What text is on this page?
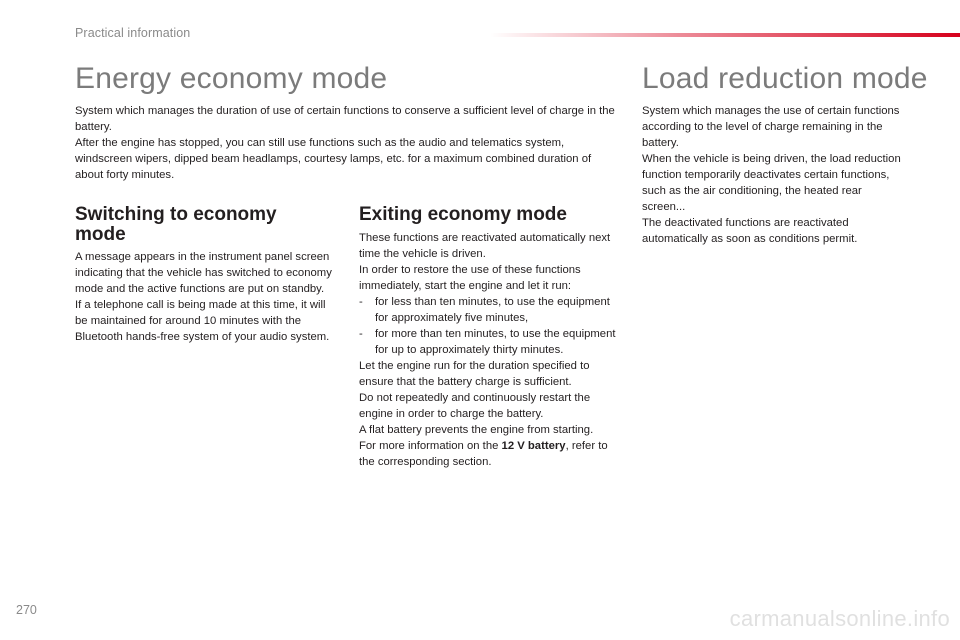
Practical information
Energy economy mode

System which manages the duration of use of certain functions to conserve a sufficient level of charge in the battery.

After the engine has stopped, you can still use functions such as the audio and telematics system, windscreen wipers, dipped beam headlamps, courtesy lamps, etc. for a maximum combined duration of about forty minutes.

Switching to economy mode

A message appears in the instrument panel screen indicating that the vehicle has switched to economy mode and the active functions are put on standby.

If a telephone call is being made at this time, it will be maintained for around 10 minutes with the Bluetooth hands-free system of your audio system.

Exiting economy mode

These functions are reactivated automatically next time the vehicle is driven.

In order to restore the use of these functions immediately, start the engine and let it run:

- for less than ten minutes, to use the equipment for approximately five minutes,
- for more than ten minutes, to use the equipment for up to approximately thirty minutes.

Let the engine run for the duration specified to ensure that the battery charge is sufficient.

Do not repeatedly and continuously restart the engine in order to charge the battery.

A flat battery prevents the engine from starting.

For more information on the 12 V battery, refer to the corresponding section.

Load reduction mode

System which manages the use of certain functions according to the level of charge remaining in the battery.

When the vehicle is being driven, the load reduction function temporarily deactivates certain functions, such as the air conditioning, the heated rear screen...

The deactivated functions are reactivated automatically as soon as conditions permit.

270	carmanualsonline.info
